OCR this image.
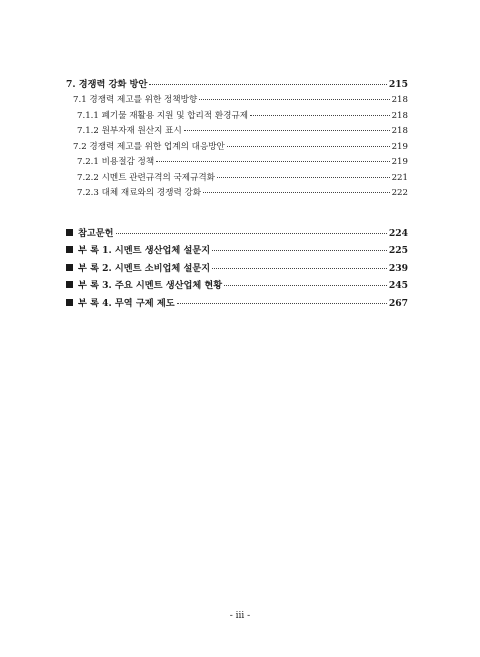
7. 경쟁력 강화 방안	215
7.1 경쟁력 제고를 위한 정책방향	218
7.1.1 폐기물 재활용 지원 및 합리적 환경규제	218
7.1.2 원부자재 원산지 표시	218
7.2 경쟁력 제고를 위한 업계의 대응방안	219
7.2.1 비용절감 정책	219
7.2.2 시멘트 관련규격의 국제규격화	221
7.2.3 대체 재료와의 경쟁력 강화	222
참고문헌	224
부 록 1. 시멘트 생산업체 설문지	225
부 록 2. 시멘트 소비업체 설문지	239
부 록 3. 주요 시멘트 생산업체 현황	245
부 록 4. 무역 구제 제도	267
- iii -
